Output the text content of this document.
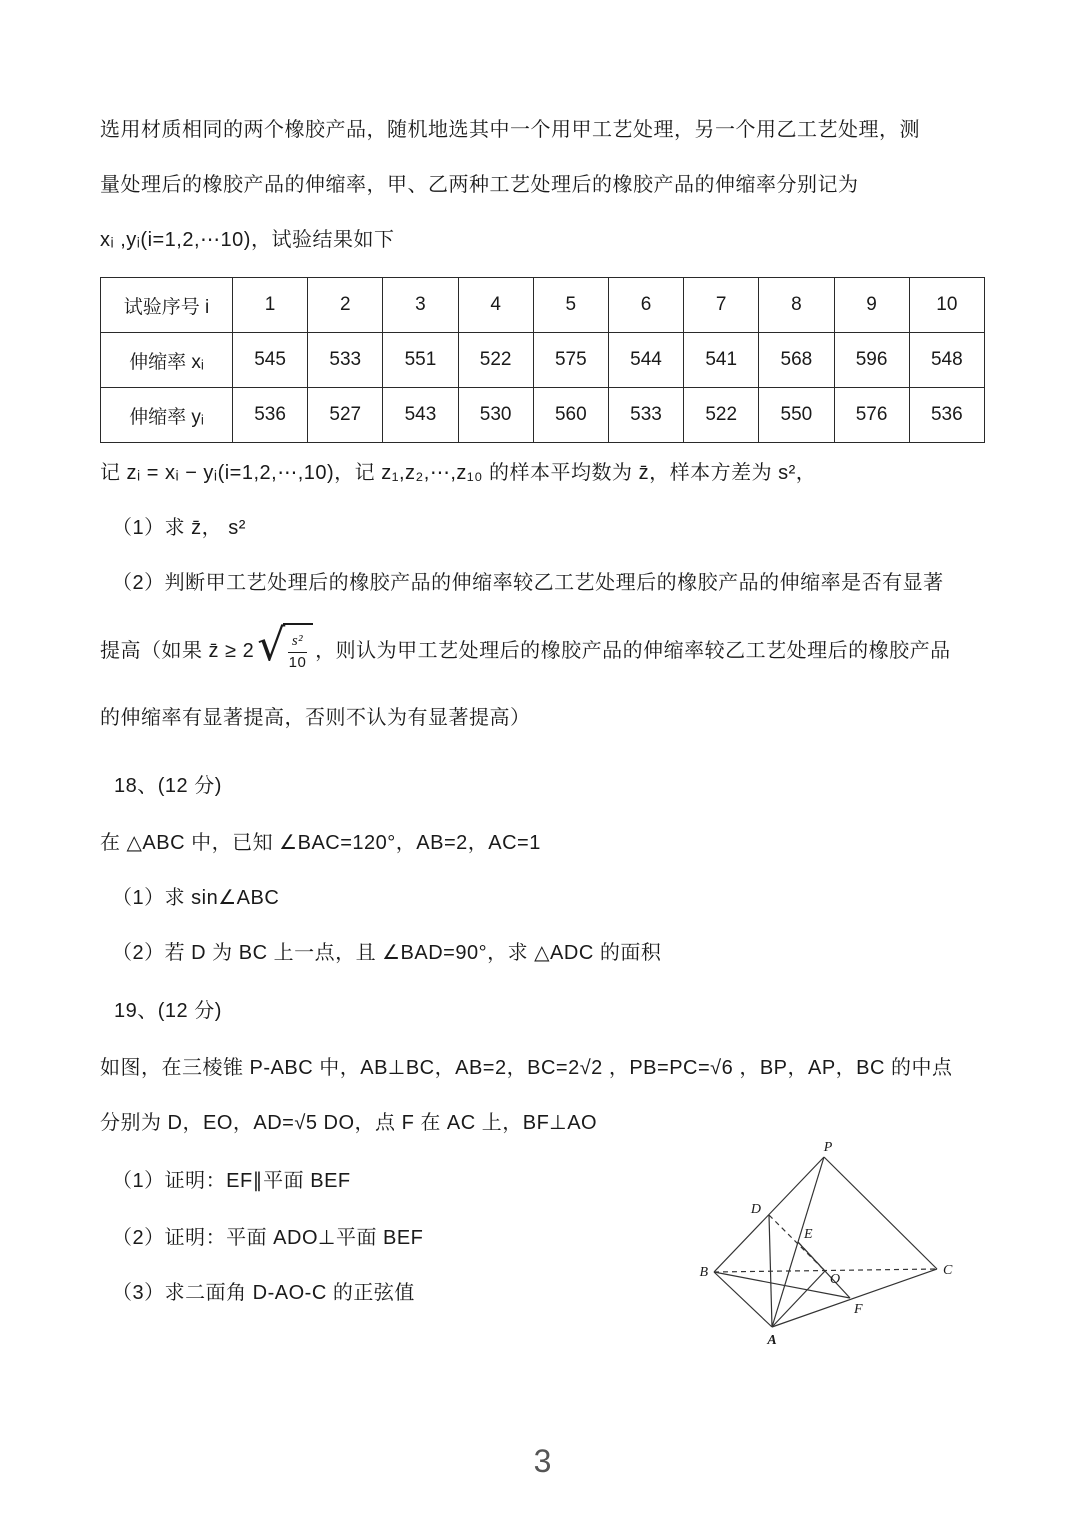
选用材质相同的两个橡胶产品，随机地选其中一个用甲工艺处理，另一个用乙工艺处理，测
量处理后的橡胶产品的伸缩率，甲、乙两种工艺处理后的橡胶产品的伸缩率分别记为
xᵢ ,yᵢ(i=1,2,⋯10)，试验结果如下
试验序号 i	1	2	3	4	5	6	7	8	9	10
伸缩率 xᵢ	545	533	551	522	575	544	541	568	596	548
伸缩率 yᵢ	536	527	543	530	560	533	522	550	576	536
记 zᵢ = xᵢ − yᵢ(i=1,2,⋯,10)，记 z₁,z₂,⋯,z₁₀ 的样本平均数为 z̄，样本方差为 s²，
（1）求 z̄， s²
（2）判断甲工艺处理后的橡胶产品的伸缩率较乙工艺处理后的橡胶产品的伸缩率是否有显著
提高（如果 z̄ ≥ 2 √ $\frac{\text{s²}}{10}$ ，则认为甲工艺处理后的橡胶产品的伸缩率较乙工艺处理后的橡胶产品
的伸缩率有显著提高，否则不认为有显著提高）
18、(12 分)
在 △ABC 中，已知 ∠BAC=120°，AB=2，AC=1
（1）求 sin∠ABC
（2）若 D 为 BC 上一点，且 ∠BAD=90°，求 △ADC 的面积
19、(12 分)
如图，在三棱锥 P-ABC 中，AB⊥BC，AB=2，BC=2√2 ，PB=PC=√6 ，BP，AP，BC 的中点
分别为 D，EO，AD=√5 DO，点 F 在 AC 上，BF⊥AO
（1）证明：EF∥平面 BEF
（2）证明：平面 ADO⊥平面 BEF
（3）求二面角 D-AO-C 的正弦值
3
P
D
E
B	O
C
F
A
